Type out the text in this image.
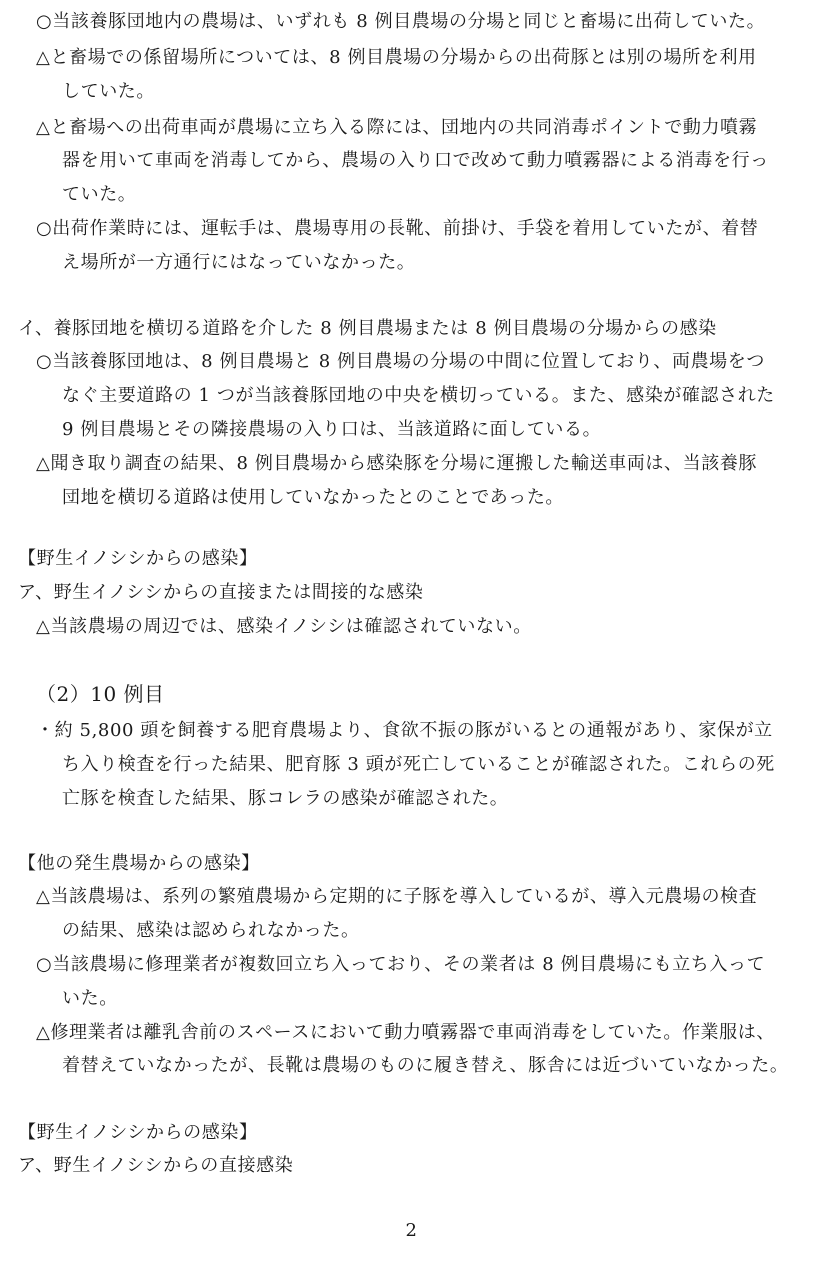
○当該養豚団地内の農場は、いずれも 8 例目農場の分場と同じと畜場に出荷していた。
△と畜場での係留場所については、8 例目農場の分場からの出荷豚とは別の場所を利用
していた。
△と畜場への出荷車両が農場に立ち入る際には、団地内の共同消毒ポイントで動力噴霧
器を用いて車両を消毒してから、農場の入り口で改めて動力噴霧器による消毒を行っ
ていた。
○出荷作業時には、運転手は、農場専用の長靴、前掛け、手袋を着用していたが、着替
え場所が一方通行にはなっていなかった。
イ、養豚団地を横切る道路を介した 8 例目農場または 8 例目農場の分場からの感染
○当該養豚団地は、8 例目農場と 8 例目農場の分場の中間に位置しており、両農場をつ
なぐ主要道路の 1 つが当該養豚団地の中央を横切っている。また、感染が確認された
9 例目農場とその隣接農場の入り口は、当該道路に面している。
△聞き取り調査の結果、8 例目農場から感染豚を分場に運搬した輸送車両は、当該養豚
団地を横切る道路は使用していなかったとのことであった。
【野生イノシシからの感染】
ア、野生イノシシからの直接または間接的な感染
△当該農場の周辺では、感染イノシシは確認されていない。
（2）10 例目
・約 5,800 頭を飼養する肥育農場より、食欲不振の豚がいるとの通報があり、家保が立
ち入り検査を行った結果、肥育豚 3 頭が死亡していることが確認された。これらの死
亡豚を検査した結果、豚コレラの感染が確認された。
【他の発生農場からの感染】
△当該農場は、系列の繁殖農場から定期的に子豚を導入しているが、導入元農場の検査
の結果、感染は認められなかった。
○当該農場に修理業者が複数回立ち入っており、その業者は 8 例目農場にも立ち入って
いた。
△修理業者は離乳舎前のスペースにおいて動力噴霧器で車両消毒をしていた。作業服は、
着替えていなかったが、長靴は農場のものに履き替え、豚舎には近づいていなかった。
【野生イノシシからの感染】
ア、野生イノシシからの直接感染
2
